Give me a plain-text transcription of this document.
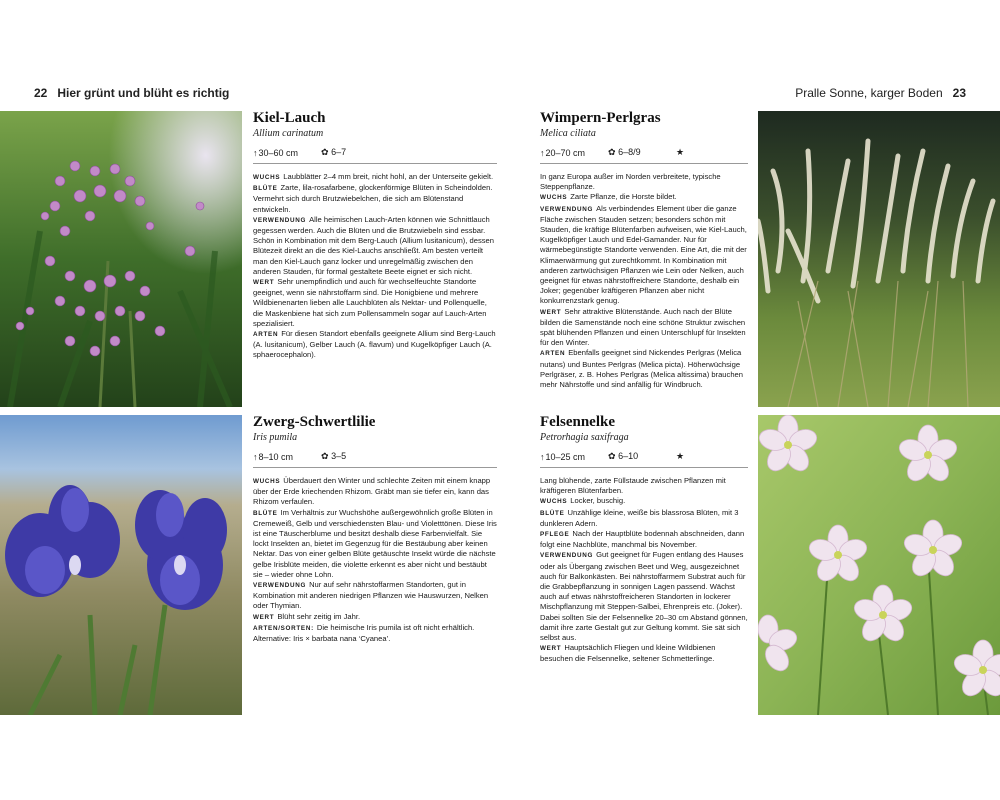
22 Hier grünt und blüht es richtig	Pralle Sonne, karger Boden 23
Kiel-Lauch
Allium carinatum
↑30–60 cm	✿ 6–7

WUCHS Laubblätter 2–4 mm breit, nicht hohl, an der Unterseite gekielt.

BLÜTE Zarte, lila-rosafarbene, glockenförmige Blüten in Scheindolden. Vermehrt sich durch Brutzwiebelchen, die sich am Blütenstand entwickeln.

VERWENDUNG Alle heimischen Lauch-Arten können wie Schnittlauch gegessen werden. Auch die Blüten und die Brutzwiebeln sind essbar. Schön in Kombination mit dem Berg-Lauch (Allium lusitanicum), dessen Blütezeit direkt an die des Kiel-Lauchs anschließt. Am besten verteilt man den Kiel-Lauch ganz locker und unregelmäßig zwischen den anderen Stauden, für formal gestaltete Beete eignet er sich nicht.

WERT Sehr unempfindlich und auch für wechselfeuchte Standorte geeignet, wenn sie nährstoffarm sind. Die Honigbiene und mehrere Wildbienenarten lieben alle Lauchblüten als Nektar- und Pollenquelle, die Maskenbiene hat sich zum Pollensammeln sogar auf Lauch-Arten spezialisiert.

ARTEN Für diesen Standort ebenfalls geeignete Allium sind Berg-Lauch (A. lusitanicum), Gelber Lauch (A. flavum) und Kugelköpfiger Lauch (A. sphaerocephalon).

Zwerg-Schwertlilie
Iris pumila
↑8–10 cm	✿ 3–5

WUCHS Überdauert den Winter und schlechte Zeiten mit einem knapp über der Erde kriechenden Rhizom. Gräbt man sie tiefer ein, kann das Rhizom verfaulen.

BLÜTE Im Verhältnis zur Wuchshöhe außergewöhnlich große Blüten in Cremeweiß, Gelb und verschiedensten Blau- und Violetttönen. Diese Iris ist eine Täuscherblume und besitzt deshalb diese Farbenvielfalt. Sie lockt Insekten an, bietet im Gegenzug für die Bestäubung aber keinen Nektar. Das von einer gelben Blüte getäuschte Insekt würde die nächste gelbe Irisblüte meiden, die violette erkennt es aber nicht und bestäubt sie – wieder ohne Lohn.

VERWENDUNG Nur auf sehr nährstoffarmen Standorten, gut in Kombination mit anderen niedrigen Pflanzen wie Hauswurzen, Nelken oder Thymian.

WERT Blüht sehr zeitig im Jahr.

ARTEN/SORTEN: Die heimische Iris pumila ist oft nicht erhältlich. Alternative: Iris × barbata nana ‘Cyanea’.

Wimpern-Perlgras
Melica ciliata
↑20–70 cm	✿ 6–8/9	★

In ganz Europa außer im Norden verbreitete, typische Steppenpflanze.

WUCHS Zarte Pflanze, die Horste bildet.

VERWENDUNG Als verbindendes Element über die ganze Fläche zwischen Stauden setzen; besonders schön mit Stauden, die kräftige Blütenfarben aufweisen, wie Kiel-Lauch, Kugelköpfiger Lauch und Edel-Gamander. Nur für wärmebegünstigte Standorte verwenden. Eine Art, die mit der Klimaerwärmung gut zurechtkommt. In Kombination mit anderen zartwüchsigen Pflanzen wie Lein oder Nelken, auch geeignet für etwas nährstoffreichere Standorte, deshalb ein Joker; gegenüber kräftigeren Pflanzen aber nicht konkurrenzstark genug.

WERT Sehr attraktive Blütenstände. Auch nach der Blüte bilden die Samenstände noch eine schöne Struktur zwischen spät blühenden Pflanzen und einen Unterschlupf für Insekten für den Winter.

ARTEN Ebenfalls geeignet sind Nickendes Perlgras (Melica nutans) und Buntes Perlgras (Melica picta). Höherwüchsige Perlgräser, z. B. Hohes Perlgras (Melica altissima) brauchen mehr Nährstoffe und sind anfällig für Windbruch.

Felsennelke
Petrorhagia saxifraga
↑10–25 cm	✿ 6–10	★

Lang blühende, zarte Füllstaude zwischen Pflanzen mit kräftigeren Blütenfarben.

WUCHS Locker, buschig.

BLÜTE Unzählige kleine, weiße bis blassrosa Blüten, mit 3 dunkleren Adern.

PFLEGE Nach der Hauptblüte bodennah abschneiden, dann folgt eine Nachblüte, manchmal bis November.

VERWENDUNG Gut geeignet für Fugen entlang des Hauses oder als Übergang zwischen Beet und Weg, ausgezeichnet auch für Balkonkästen. Bei nährstoffarmem Substrat auch für die Grabbepflanzung in sonnigen Lagen passend. Wächst auch auf etwas nährstoffreicheren Standorten in lockerer Mischpflanzung mit Steppen-Salbei, Ehrenpreis etc. (Joker). Dabei sollten Sie der Felsennelke 20–30 cm Abstand gönnen, damit ihre zarte Gestalt gut zur Geltung kommt. Sie sät sich selbst aus.

WERT Hauptsächlich Fliegen und kleine Wildbienen besuchen die Felsennelke, seltener Schmetterlinge.
